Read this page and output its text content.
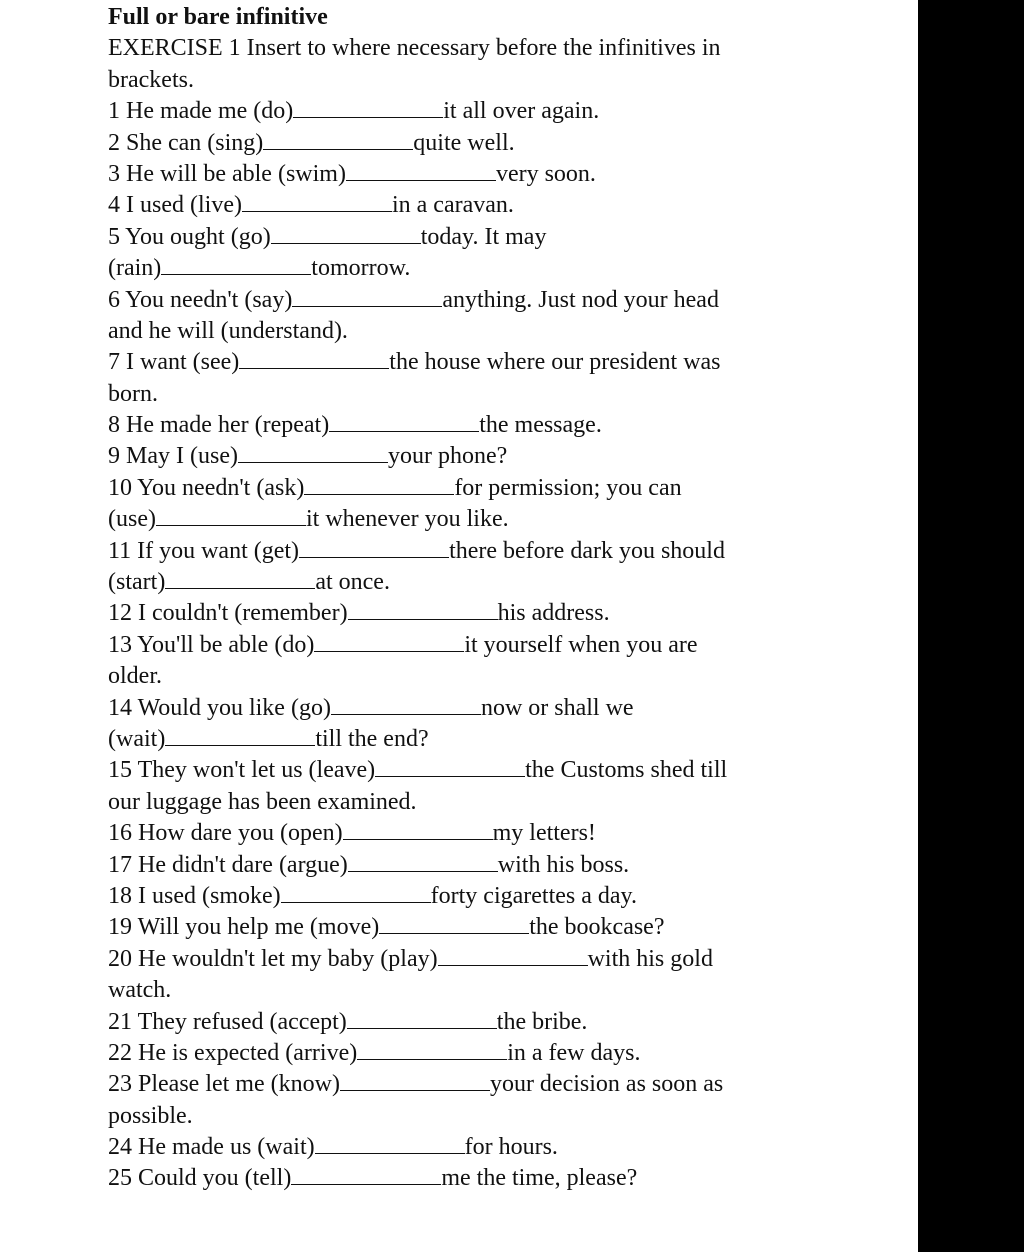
Full or bare infinitive
EXERCISE 1 Insert to where necessary before the infinitives in
brackets.
1 He made me (do)	it all over again.
2 She can (sing)	quite well.
3 He will be able (swim)	very soon.
4 I used (live)	in a caravan.
5 You ought (go)	today. It may
(rain)	tomorrow.
6 You needn't (say)	anything. Just nod your head
and he will (understand).
7 I want (see)	the house where our president was
born.
8 He made her (repeat)	the message.
9 May I (use)	your phone?
10 You needn't (ask)	for permission; you can
(use)	it whenever you like.
11 If you want (get)	there before dark you should
(start)	at once.
12 I couldn't (remember)	his address.
13 You'll be able (do)	it yourself when you are
older.
14 Would you like (go)	now or shall we
(wait)	till the end?
15 They won't let us (leave)	the Customs shed till
our luggage has been examined.
16 How dare you (open)	my letters!
17 He didn't dare (argue)	with his boss.
18 I used (smoke)	forty cigarettes a day.
19 Will you help me (move)	the bookcase?
20 He wouldn't let my baby (play)	with his gold
watch.
21 They refused (accept)	the bribe.
22 He is expected (arrive)	in a few days.
23 Please let me (know)	your decision as soon as
possible.
24 He made us (wait)	for hours.
25 Could you (tell)	me the time, please?
